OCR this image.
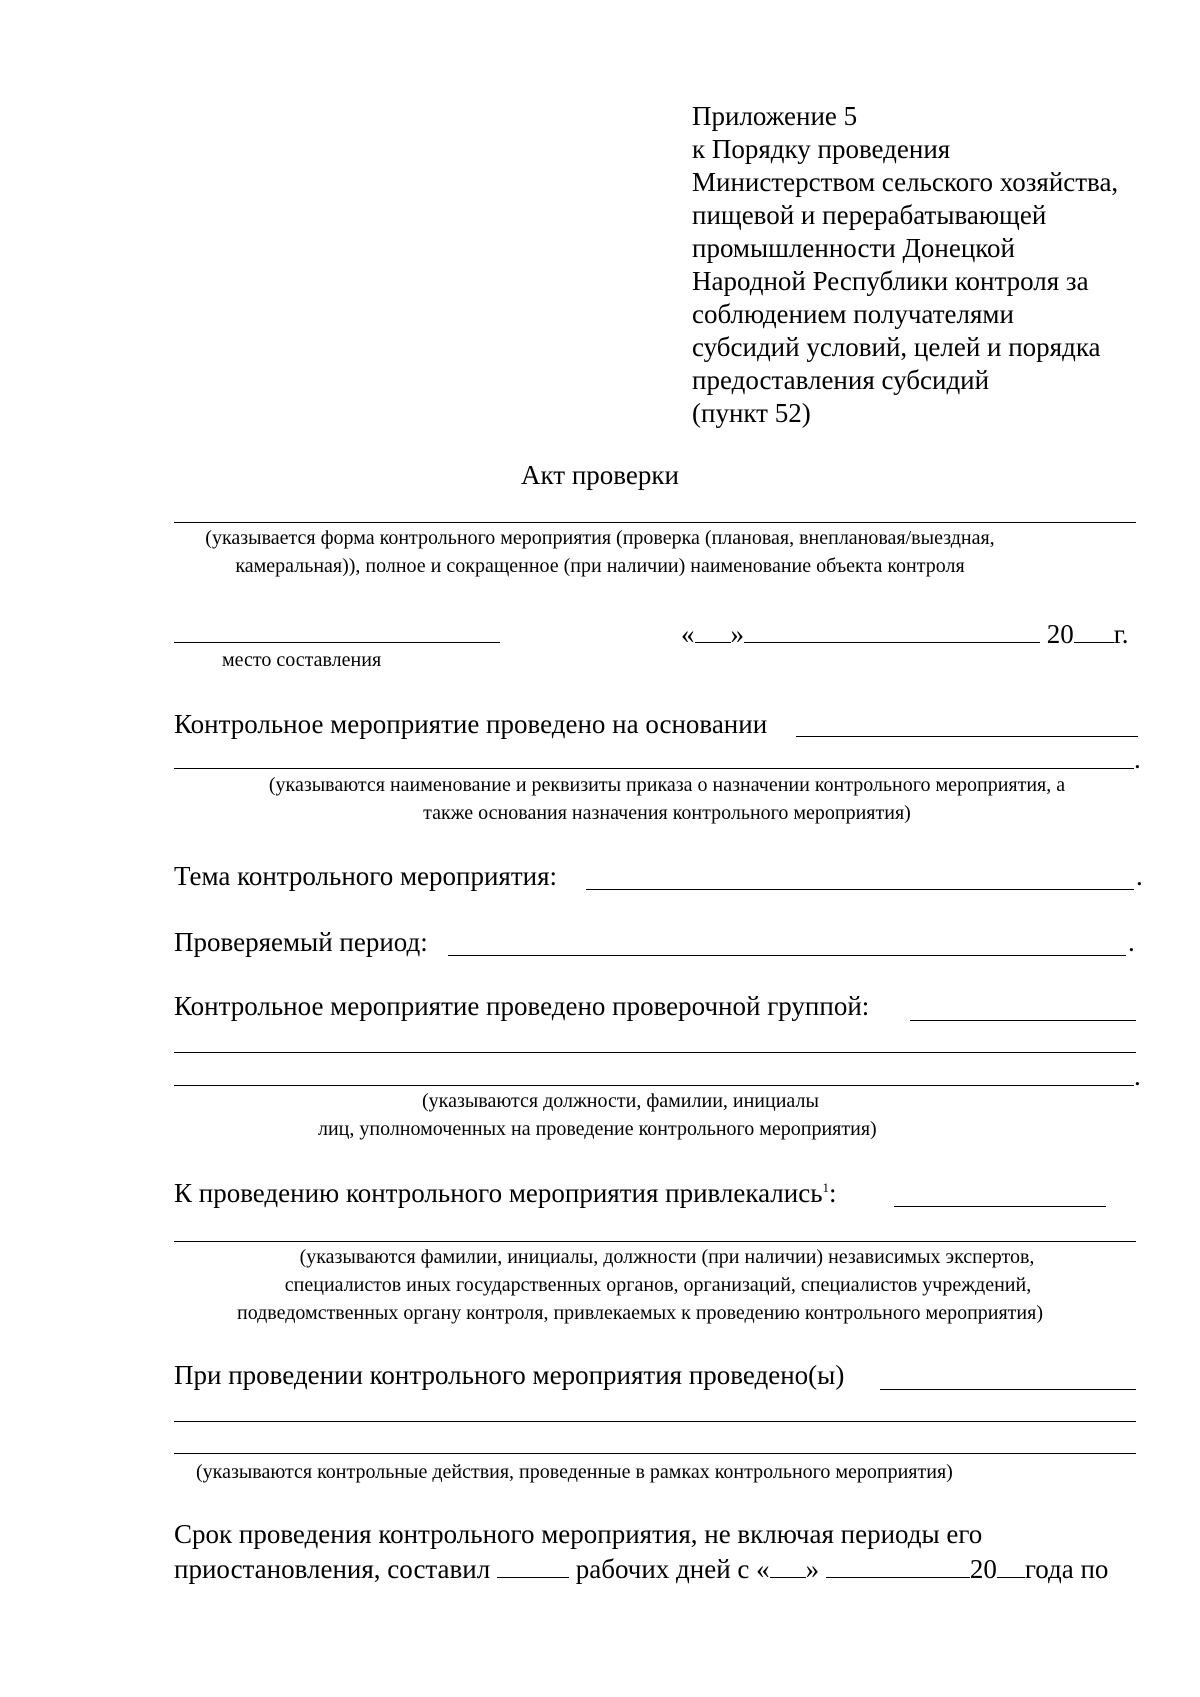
Приложение 5
к Порядку проведения
Министерством сельского хозяйства,
пищевой и перерабатывающей
промышленности Донецкой
Народной Республики контроля за
соблюдением получателями
субсидий условий, целей и порядка
предоставления субсидий
(пункт 52)
Акт проверки
(указывается форма контрольного мероприятия (проверка (плановая, внеплановая/выездная,
камеральная)), полное и сокращенное (при наличии) наименование объекта контроля
место составления
« »	20 г.
Контрольное мероприятие проведено на основании
.
(указываются наименование и реквизиты приказа о назначении контрольного мероприятия, а
также основания назначения контрольного мероприятия)
Тема контрольного мероприятия:	.
Проверяемый период:	.
Контрольное мероприятие проведено проверочной группой:
.
(указываются должности, фамилии, инициалы
лиц, уполномоченных на проведение контрольного мероприятия)
К проведению контрольного мероприятия привлекались$^1$:
(указываются фамилии, инициалы, должности (при наличии) независимых экспертов,
специалистов иных государственных органов, организаций, специалистов учреждений,
подведомственных органу контроля, привлекаемых к проведению контрольного мероприятия)
При проведении контрольного мероприятия проведено(ы)
(указываются контрольные действия, проведенные в рамках контрольного мероприятия)
Срок проведения контрольного мероприятия, не включая периоды его
приостановления, составил	рабочих дней с « »	20 года по
